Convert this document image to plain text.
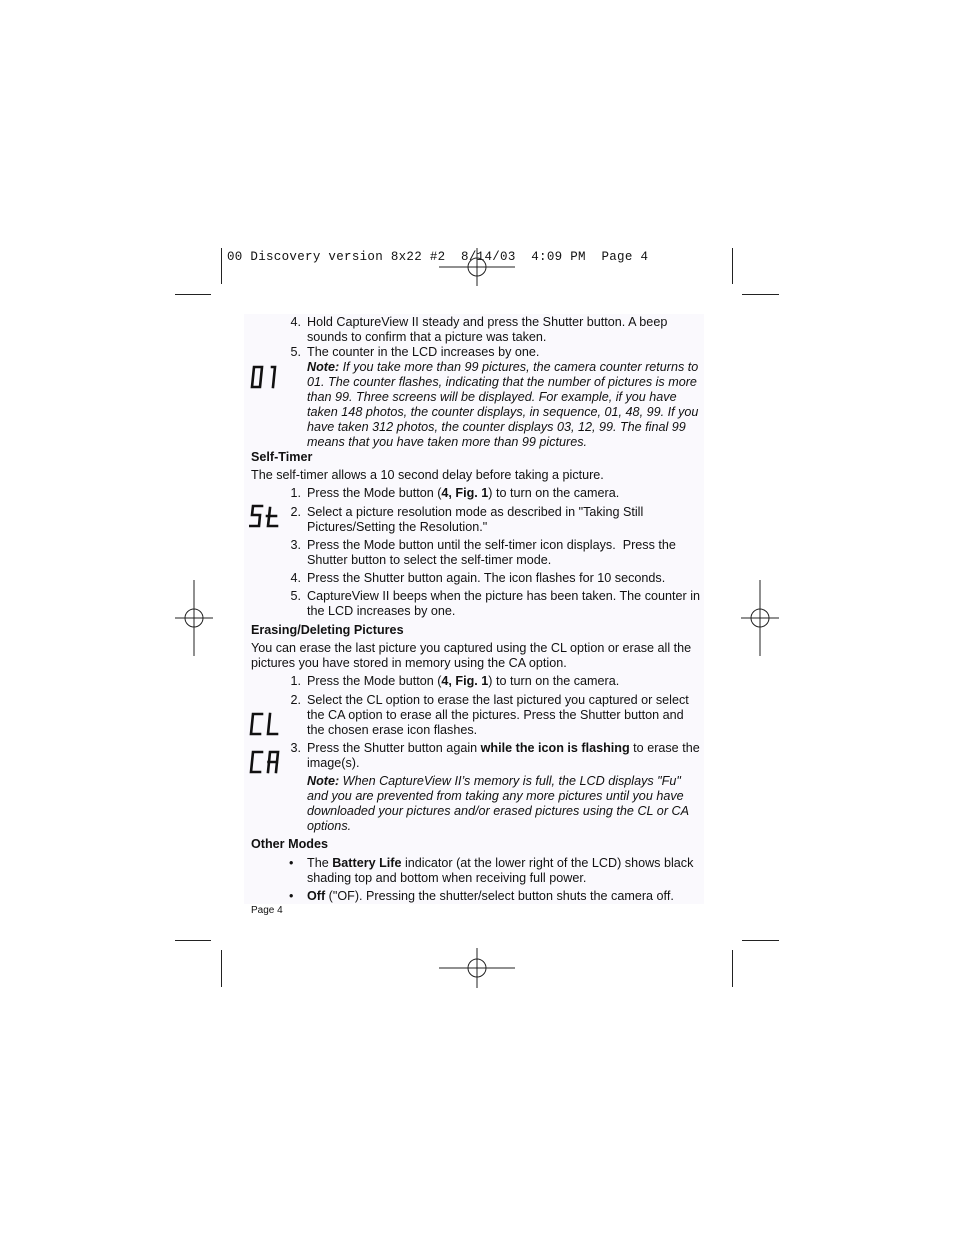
00 Discovery version 8x22 #2  8/14/03  4:09 PM  Page 4
4. Hold CaptureView II steady and press the Shutter button. A beep
sounds to confirm that a picture was taken.
5. The counter in the LCD increases by one.
Note: If you take more than 99 pictures, the camera counter returns to
01. The counter flashes, indicating that the number of pictures is more
than 99. Three screens will be displayed. For example, if you have
taken 148 photos, the counter displays, in sequence, 01, 48, 99. If you
have taken 312 photos, the counter displays 03, 12, 99. The final 99
means that you have taken more than 99 pictures.
Self-Timer
The self-timer allows a 10 second delay before taking a picture.
1. Press the Mode button (4, Fig. 1) to turn on the camera.
2. Select a picture resolution mode as described in "Taking Still
Pictures/Setting the Resolution."
3. Press the Mode button until the self-timer icon displays.  Press the
Shutter button to select the self-timer mode.
4. Press the Shutter button again. The icon flashes for 10 seconds.
5. CaptureView II beeps when the picture has been taken. The counter in
the LCD increases by one.
Erasing/Deleting Pictures
You can erase the last picture you captured using the CL option or erase all the
pictures you have stored in memory using the CA option.
1. Press the Mode button (4, Fig. 1) to turn on the camera.
2. Select the CL option to erase the last pictured you captured or select
the CA option to erase all the pictures. Press the Shutter button and
the chosen erase icon flashes.
3. Press the Shutter button again while the icon is flashing to erase the
image(s).
Note: When CaptureView II’s memory is full, the LCD displays "Fu"
and you are prevented from taking any more pictures until you have
downloaded your pictures and/or erased pictures using the CL or CA
options.
Other Modes
• The Battery Life indicator (at the lower right of the LCD) shows black
shading top and bottom when receiving full power.
• Off ("OF). Pressing the shutter/select button shuts the camera off.
Page 4
